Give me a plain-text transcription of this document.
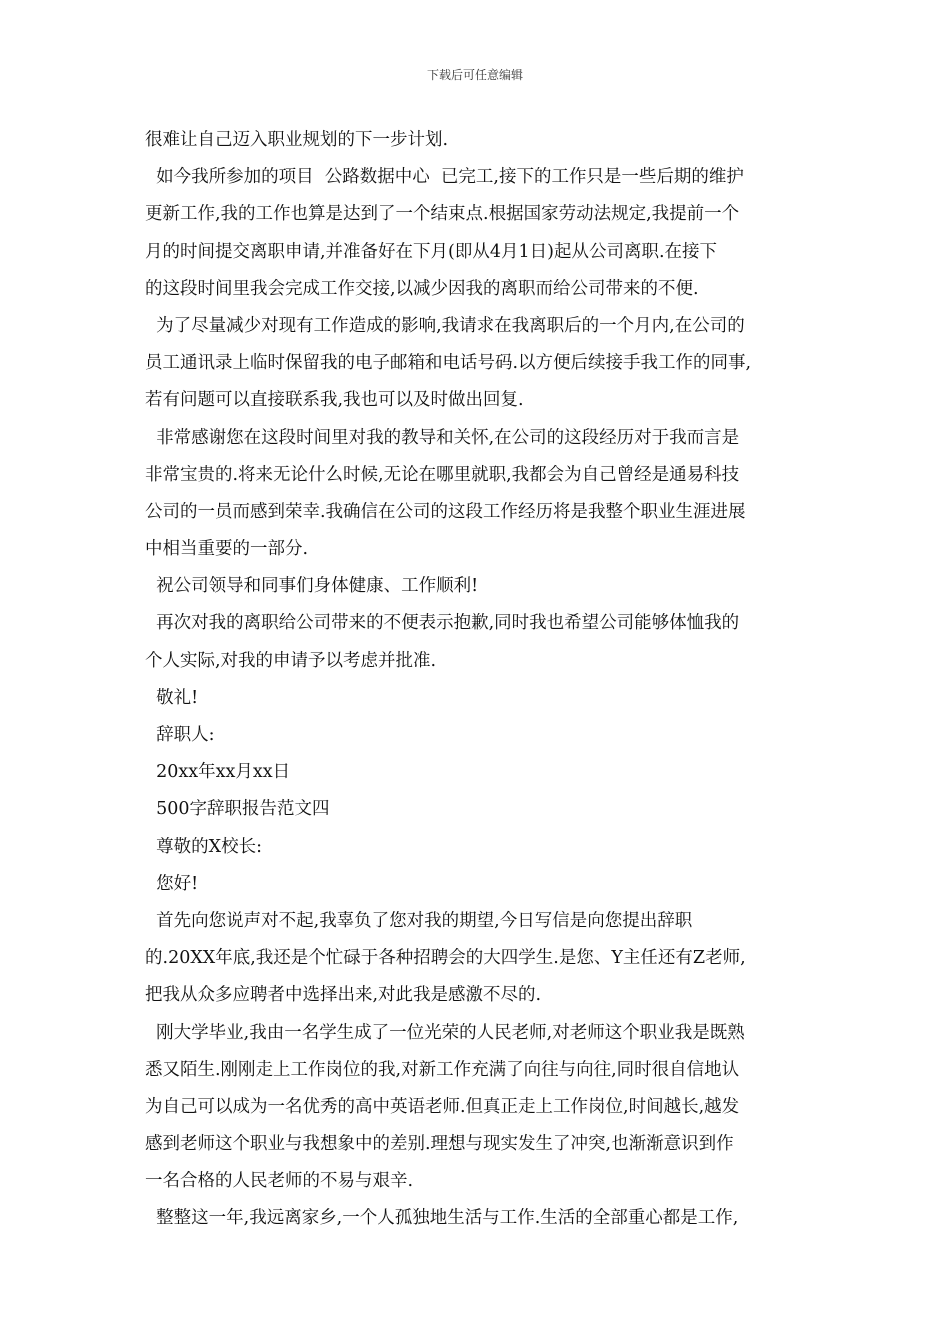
下载后可任意编辑
很难让自己迈入职业规划的下一步计划.
如今我所参加的项目  公路数据中心  已完工,接下的工作只是一些后期的维护
更新工作,我的工作也算是达到了一个结束点.根据国家劳动法规定,我提前一个
月的时间提交离职申请,并准备好在下月(即从4月1日)起从公司离职.在接下
的这段时间里我会完成工作交接,以减少因我的离职而给公司带来的不便.
为了尽量减少对现有工作造成的影响,我请求在我离职后的一个月内,在公司的
员工通讯录上临时保留我的电子邮箱和电话号码.以方便后续接手我工作的同事,
若有问题可以直接联系我,我也可以及时做出回复.
非常感谢您在这段时间里对我的教导和关怀,在公司的这段经历对于我而言是
非常宝贵的.将来无论什么时候,无论在哪里就职,我都会为自己曾经是通易科技
公司的一员而感到荣幸.我确信在公司的这段工作经历将是我整个职业生涯进展
中相当重要的一部分.
祝公司领导和同事们身体健康、工作顺利!
再次对我的离职给公司带来的不便表示抱歉,同时我也希望公司能够体恤我的
个人实际,对我的申请予以考虑并批准.
敬礼!
辞职人:
20xx年xx月xx日
500字辞职报告范文四
尊敬的X校长:
您好!
首先向您说声对不起,我辜负了您对我的期望,今日写信是向您提出辞职
的.20XX年底,我还是个忙碌于各种招聘会的大四学生.是您、Y主任还有Z老师,
把我从众多应聘者中选择出来,对此我是感激不尽的.
刚大学毕业,我由一名学生成了一位光荣的人民老师,对老师这个职业我是既熟
悉又陌生.刚刚走上工作岗位的我,对新工作充满了向往与向往,同时很自信地认
为自己可以成为一名优秀的高中英语老师.但真正走上工作岗位,时间越长,越发
感到老师这个职业与我想象中的差别.理想与现实发生了冲突,也渐渐意识到作
一名合格的人民老师的不易与艰辛.
整整这一年,我远离家乡,一个人孤独地生活与工作.生活的全部重心都是工作,
